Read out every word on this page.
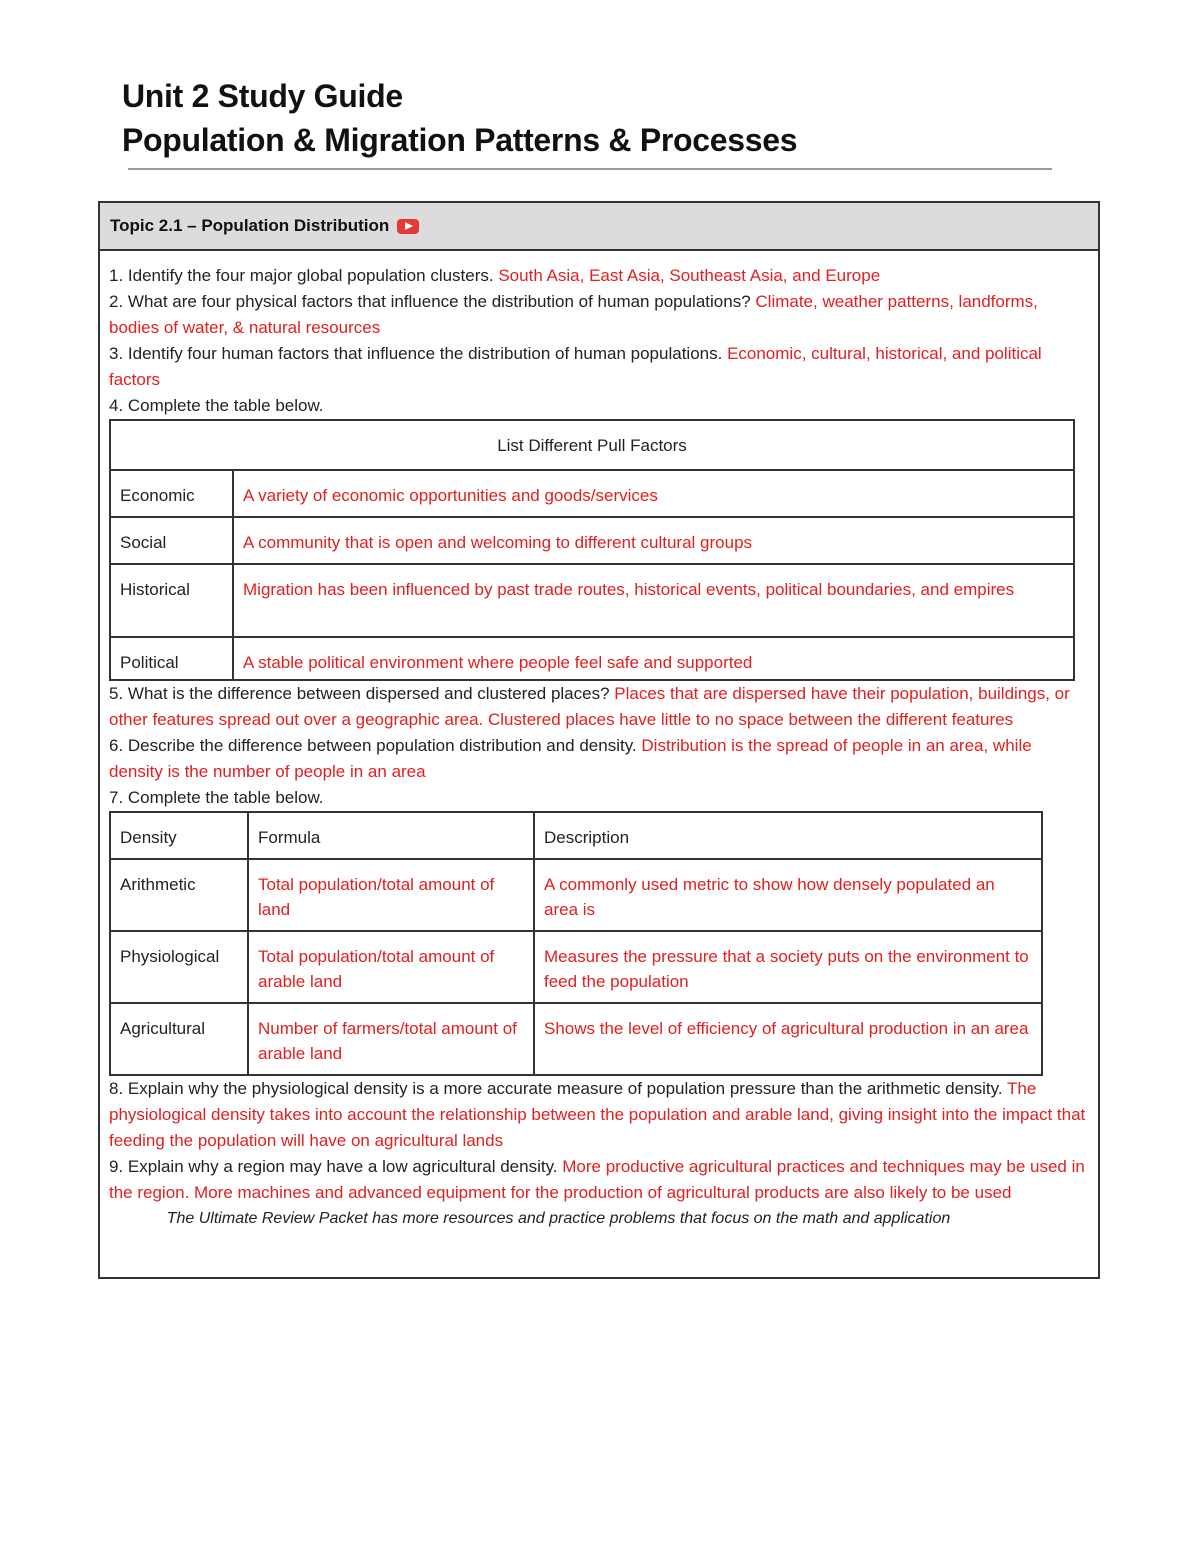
Unit 2 Study Guide
Population & Migration Patterns & Processes
Topic 2.1 – Population Distribution

1. Identify the four major global population clusters. South Asia, East Asia, Southeast Asia, and Europe

2. What are four physical factors that influence the distribution of human populations? Climate, weather patterns, landforms, bodies of water, & natural resources

3. Identify four human factors that influence the distribution of human populations. Economic, cultural, historical, and political factors

4. Complete the table below.

List Different Pull Factors	
Economic	A variety of economic opportunities and goods/services
Social	A community that is open and welcoming to different cultural groups
Historical	Migration has been influenced by past trade routes, historical events, political boundaries, and empires
Political	A stable political environment where people feel safe and supported

5. What is the difference between dispersed and clustered places? Places that are dispersed have their population, buildings, or other features spread out over a geographic area. Clustered places have little to no space between the different features

6. Describe the difference between population distribution and density. Distribution is the spread of people in an area, while density is the number of people in an area

7. Complete the table below.

Density	Formula	Description
Arithmetic	Total population/total amount of land	A commonly used metric to show how densely populated an area is
Physiological	Total population/total amount of arable land	Measures the pressure that a society puts on the environment to feed the population
Agricultural	Number of farmers/total amount of arable land	Shows the level of efficiency of agricultural production in an area

8. Explain why the physiological density is a more accurate measure of population pressure than the arithmetic density. The physiological density takes into account the relationship between the population and arable land, giving insight into the impact that feeding the population will have on agricultural lands

9. Explain why a region may have a low agricultural density. More productive agricultural practices and techniques may be used in the region. More machines and advanced equipment for the production of agricultural products are also likely to be used

The Ultimate Review Packet has more resources and practice problems that focus on the math and application
